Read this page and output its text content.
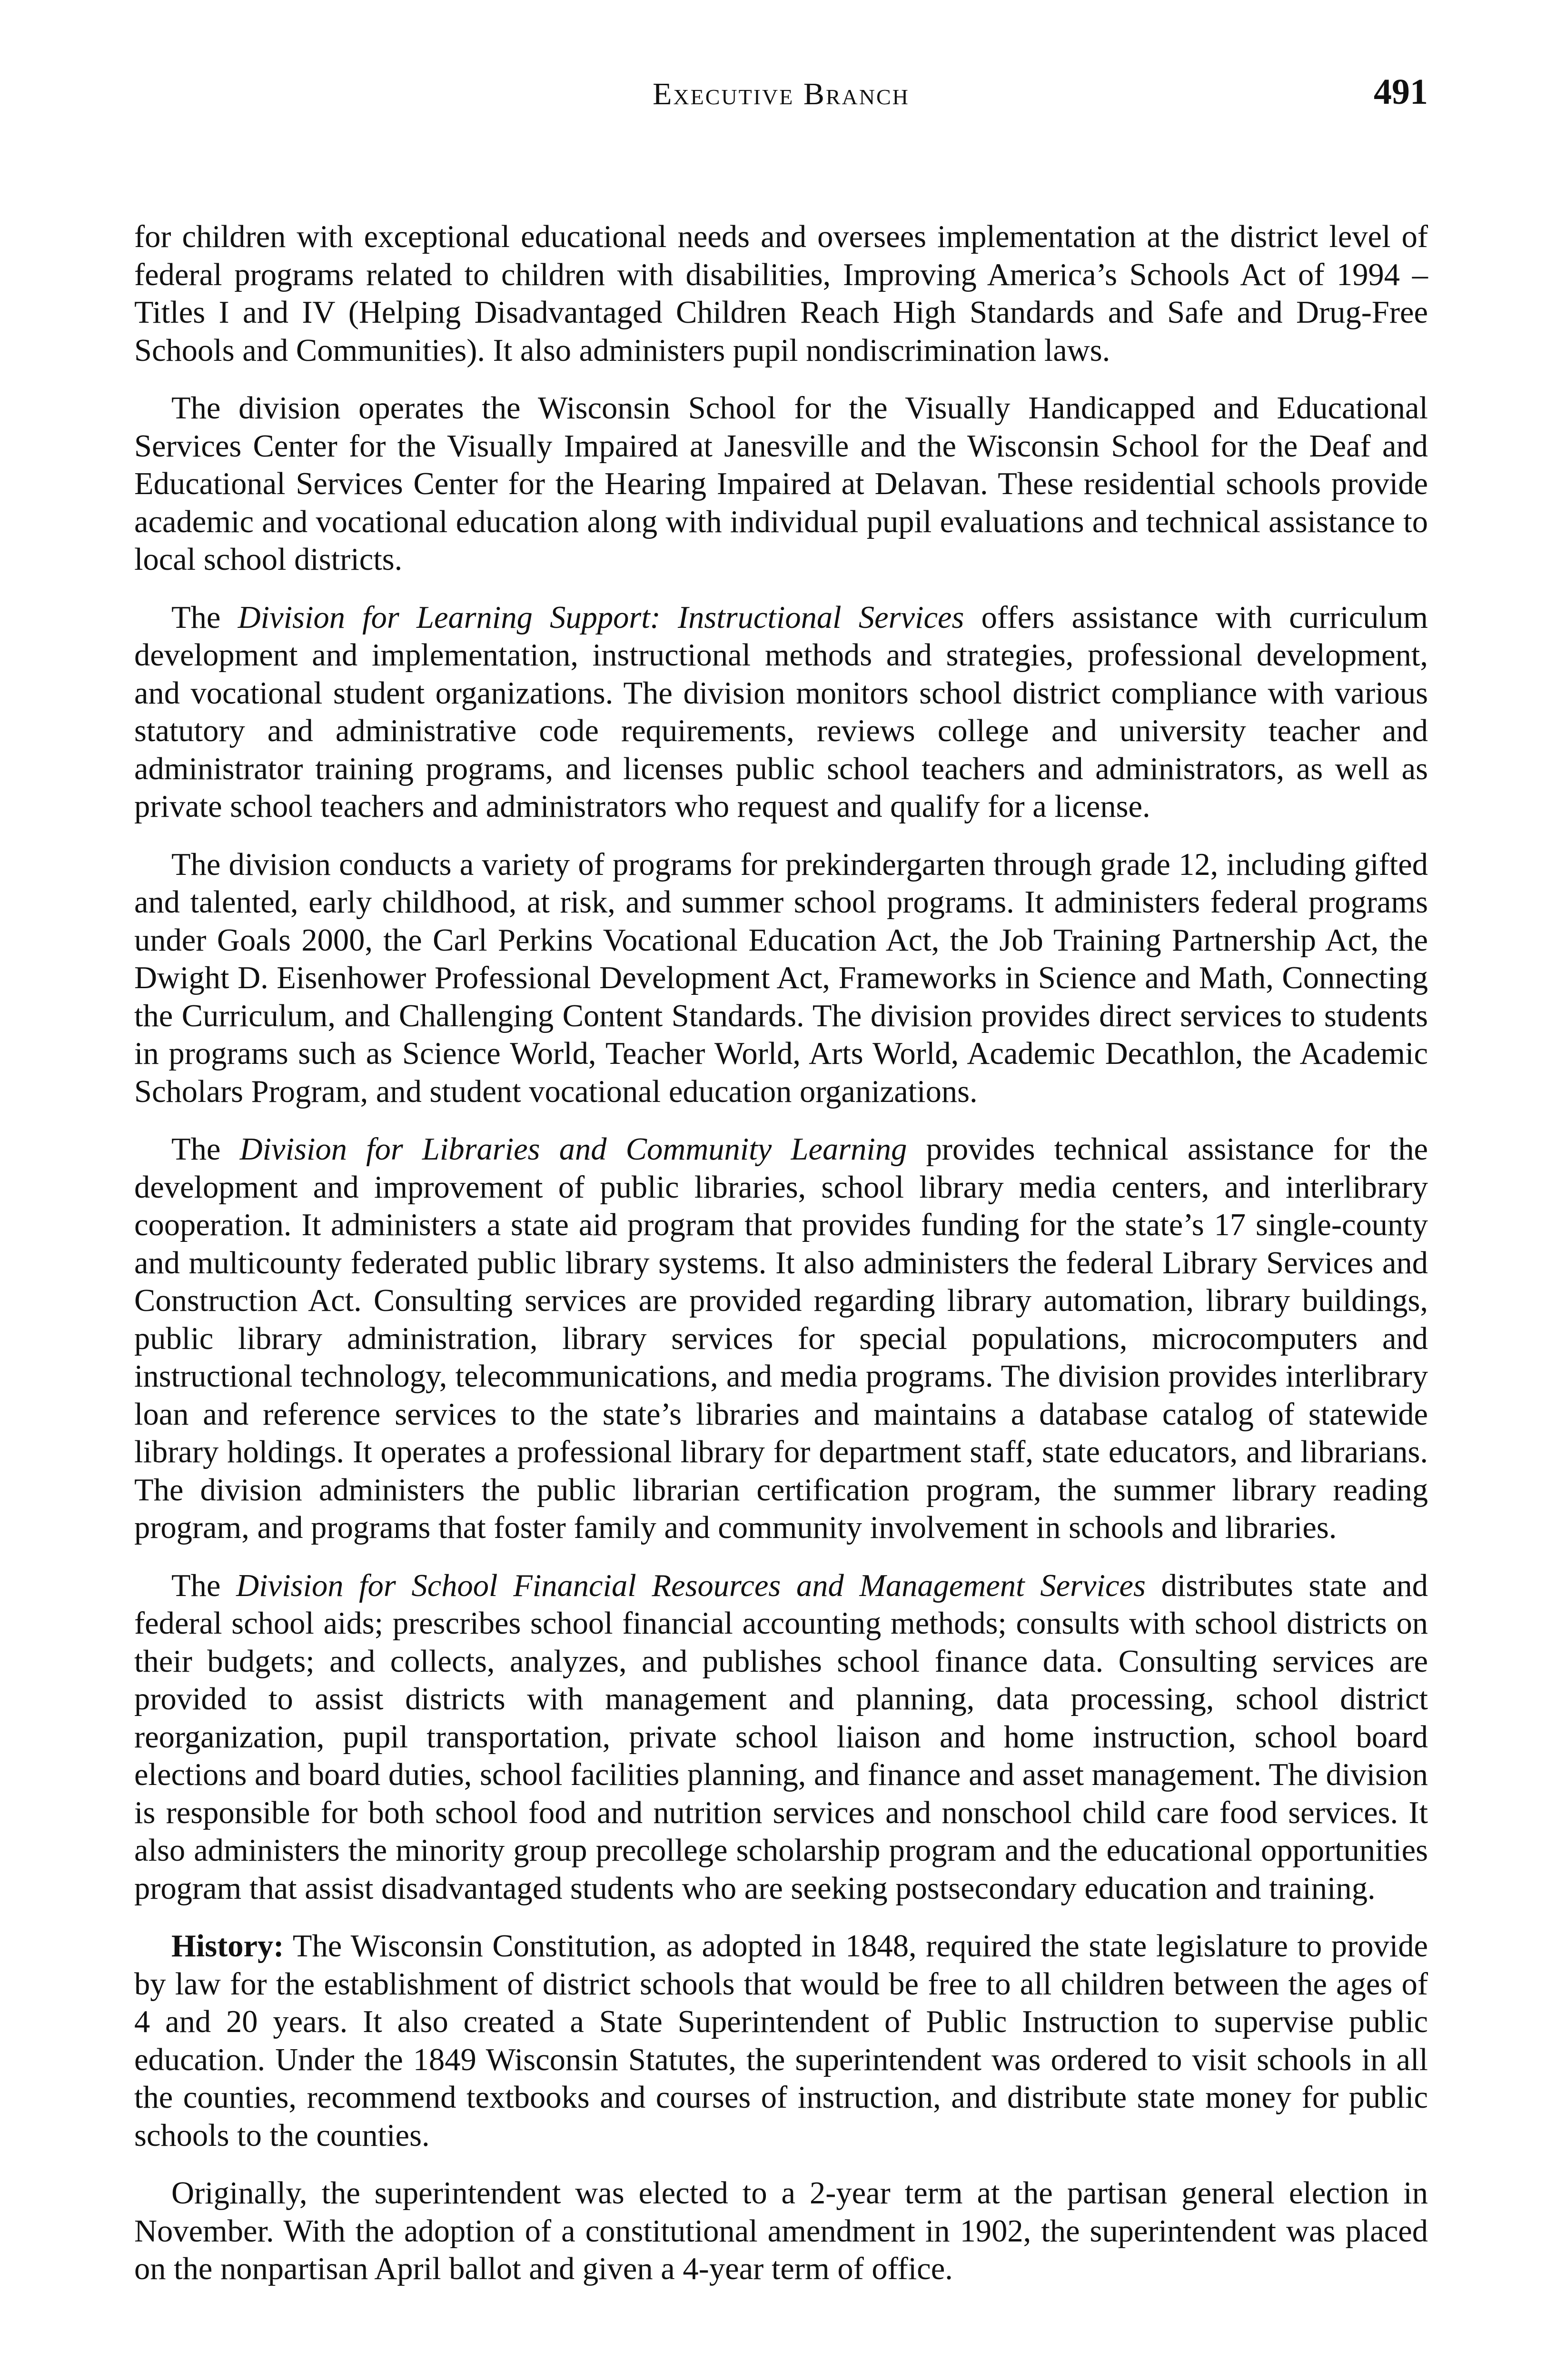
Executive Branch	491

for children with exceptional educational needs and oversees implementation at the district level of federal programs related to children with disabilities, Improving America’s Schools Act of 1994 – Titles I and IV (Helping Disadvantaged Children Reach High Standards and Safe and Drug-Free Schools and Communities). It also administers pupil nondiscrimination laws.

The division operates the Wisconsin School for the Visually Handicapped and Educational Services Center for the Visually Impaired at Janesville and the Wisconsin School for the Deaf and Educational Services Center for the Hearing Impaired at Delavan. These residential schools provide academic and vocational education along with individual pupil evaluations and technical assistance to local school districts.

The Division for Learning Support: Instructional Services offers assistance with curriculum development and implementation, instructional methods and strategies, professional development, and vocational student organizations. The division monitors school district compliance with various statutory and administrative code requirements, reviews college and university teacher and administrator training programs, and licenses public school teachers and administrators, as well as private school teachers and administrators who request and qualify for a license.

The division conducts a variety of programs for prekindergarten through grade 12, including gifted and talented, early childhood, at risk, and summer school programs. It administers federal programs under Goals 2000, the Carl Perkins Vocational Education Act, the Job Training Partnership Act, the Dwight D. Eisenhower Professional Development Act, Frameworks in Science and Math, Connecting the Curriculum, and Challenging Content Standards. The division provides direct services to students in programs such as Science World, Teacher World, Arts World, Academic Decathlon, the Academic Scholars Program, and student vocational education organizations.

The Division for Libraries and Community Learning provides technical assistance for the development and improvement of public libraries, school library media centers, and interlibrary cooperation. It administers a state aid program that provides funding for the state’s 17 single-county and multicounty federated public library systems. It also administers the federal Library Services and Construction Act. Consulting services are provided regarding library automation, library buildings, public library administration, library services for special populations, microcomputers and instructional technology, telecommunications, and media programs. The division provides interlibrary loan and reference services to the state’s libraries and maintains a database catalog of statewide library holdings. It operates a professional library for department staff, state educators, and librarians. The division administers the public librarian certification program, the summer library reading program, and programs that foster family and community involvement in schools and libraries.

The Division for School Financial Resources and Management Services distributes state and federal school aids; prescribes school financial accounting methods; consults with school districts on their budgets; and collects, analyzes, and publishes school finance data. Consulting services are provided to assist districts with management and planning, data processing, school district reorganization, pupil transportation, private school liaison and home instruction, school board elections and board duties, school facilities planning, and finance and asset management. The division is responsible for both school food and nutrition services and nonschool child care food services. It also administers the minority group precollege scholarship program and the educational opportunities program that assist disadvantaged students who are seeking postsecondary education and training.

History: The Wisconsin Constitution, as adopted in 1848, required the state legislature to provide by law for the establishment of district schools that would be free to all children between the ages of 4 and 20 years. It also created a State Superintendent of Public Instruction to supervise public education. Under the 1849 Wisconsin Statutes, the superintendent was ordered to visit schools in all the counties, recommend textbooks and courses of instruction, and distribute state money for public schools to the counties.

Originally, the superintendent was elected to a 2-year term at the partisan general election in November. With the adoption of a constitutional amendment in 1902, the superintendent was placed on the nonpartisan April ballot and given a 4-year term of office.
